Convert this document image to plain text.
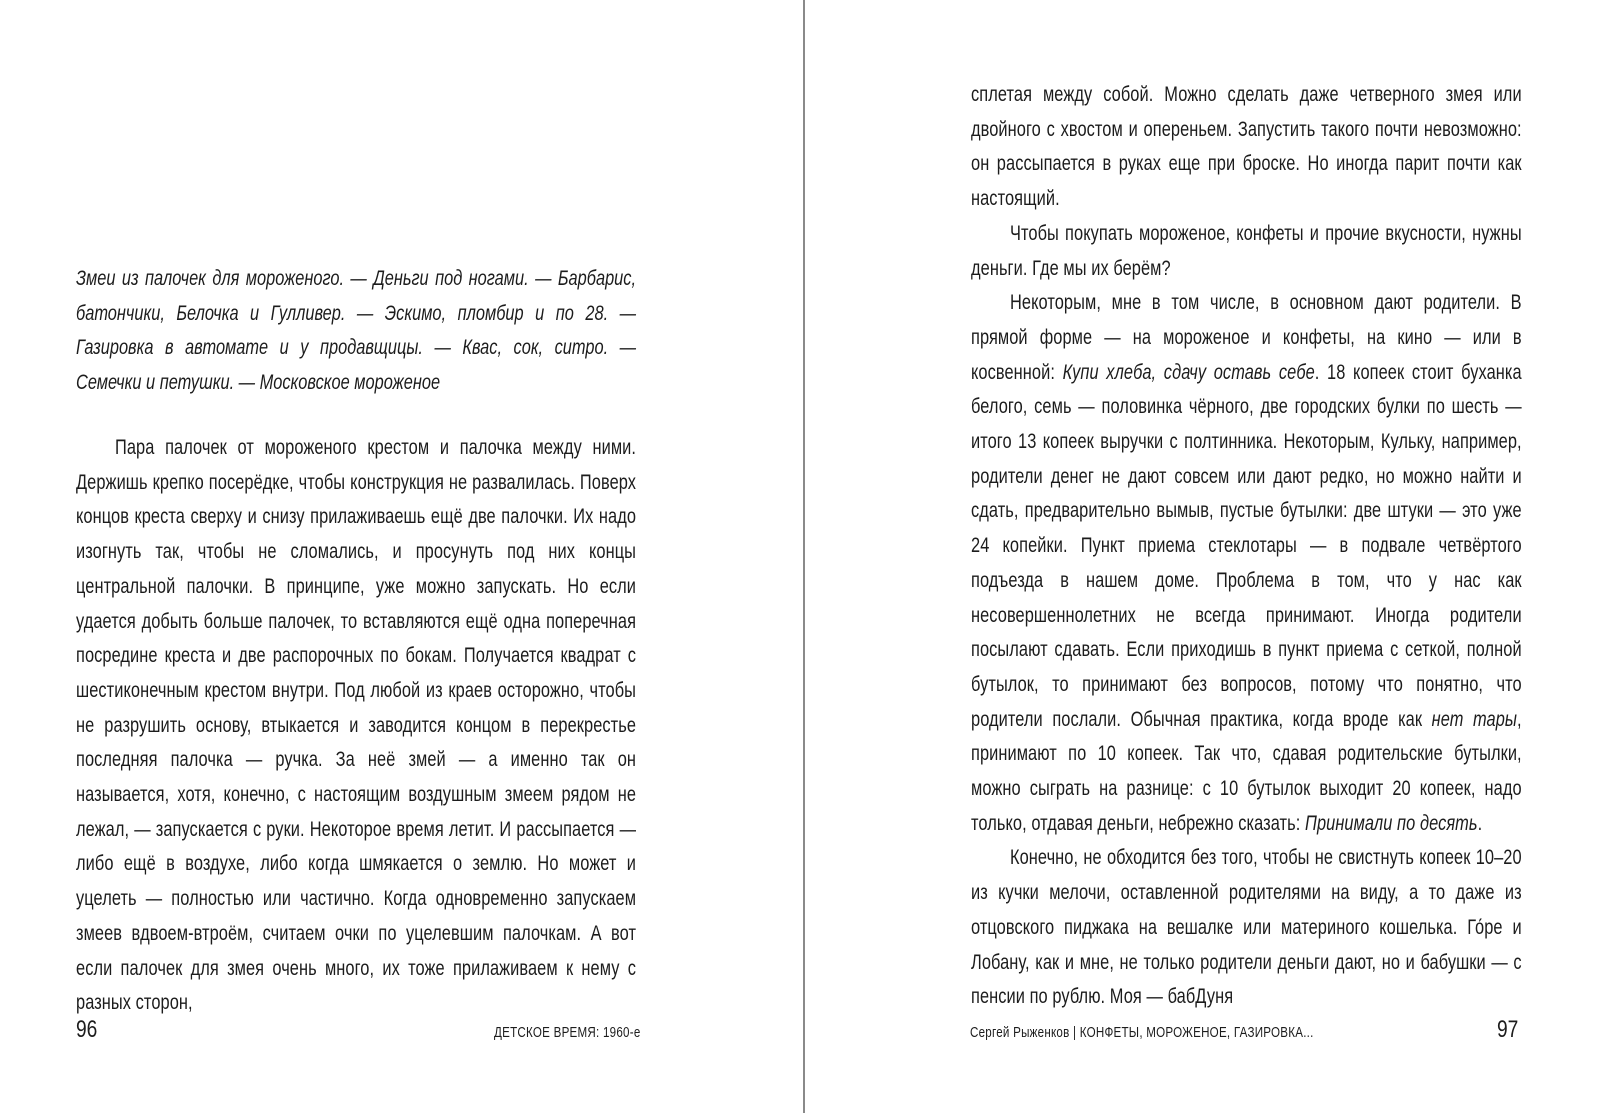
Змеи из палочек для мороженого. — Деньги под ногами. — Барбарис, батончики, Белочка и Гулливер. — Эскимо, пломбир и по 28. — Газировка в автомате и у продавщицы. — Квас, сок, ситро. — Семечки и петушки. — Московское мороженое

Пара палочек от мороженого крестом и палочка между ними. Держишь крепко посерёдке, чтобы конструкция не развалилась. Поверх концов креста сверху и снизу прилаживаешь ещё две палочки. Их надо изогнуть так, чтобы не сломались, и просунуть под них концы центральной палочки. В принципе, уже можно запускать. Но если удается добыть больше палочек, то вставляются ещё одна поперечная посредине креста и две распорочных по бокам. Получается квадрат с шестиконечным крестом внутри. Под любой из краев осторожно, чтобы не разрушить основу, втыкается и заводится концом в перекрестье последняя палочка — ручка. За неё змей — а именно так он называется, хотя, конечно, с настоящим воздушным змеем рядом не лежал, — запускается с руки. Некоторое время летит. И рассыпается — либо ещё в воздухе, либо когда шмякается о землю. Но может и уцелеть — полностью или частично. Когда одновременно запускаем змеев вдвоем-втроём, считаем очки по уцелевшим палочкам. А вот если палочек для змея очень много, их тоже прилаживаем к нему с разных сторон,

96	ДЕТСКОЕ ВРЕМЯ: 1960-е

сплетая между собой. Можно сделать даже четверного змея или двойного с хвостом и опереньем. Запустить такого почти невозможно: он рассыпается в руках еще при броске. Но иногда парит почти как настоящий.

Чтобы покупать мороженое, конфеты и прочие вкусности, нужны деньги. Где мы их берём?

Некоторым, мне в том числе, в основном дают родители. В прямой форме — на мороженое и конфеты, на кино — или в косвенной: Купи хлеба, сдачу оставь себе. 18 копеек стоит буханка белого, семь — половинка чёрного, две городских булки по шесть — итого 13 копеек выручки с полтинника. Некоторым, Кульку, например, родители денег не дают совсем или дают редко, но можно найти и сдать, предварительно вымыв, пустые бутылки: две штуки — это уже 24 копейки. Пункт приема стеклотары — в подвале четвёртого подъезда в нашем доме. Проблема в том, что у нас как несовершеннолетних не всегда принимают. Иногда родители посылают сдавать. Если приходишь в пункт приема с сеткой, полной бутылок, то принимают без вопросов, потому что понятно, что родители послали. Обычная практика, когда вроде как нет тары, принимают по 10 копеек. Так что, сдавая родительские бутылки, можно сыграть на разнице: с 10 бутылок выходит 20 копеек, надо только, отдавая деньги, небрежно сказать: Принимали по десять.

Конечно, не обходится без того, чтобы не свистнуть копеек 10–20 из кучки мелочи, оставленной родителями на виду, а то даже из отцовского пиджака на вешалке или материного кошелька. Го́ре и Лобану, как и мне, не только родители деньги дают, но и бабушки — с пенсии по рублю. Моя — бабДуня

Сергей Рыженков | КОНФЕТЫ, МОРОЖЕНОЕ, ГАЗИРОВКА...	97
